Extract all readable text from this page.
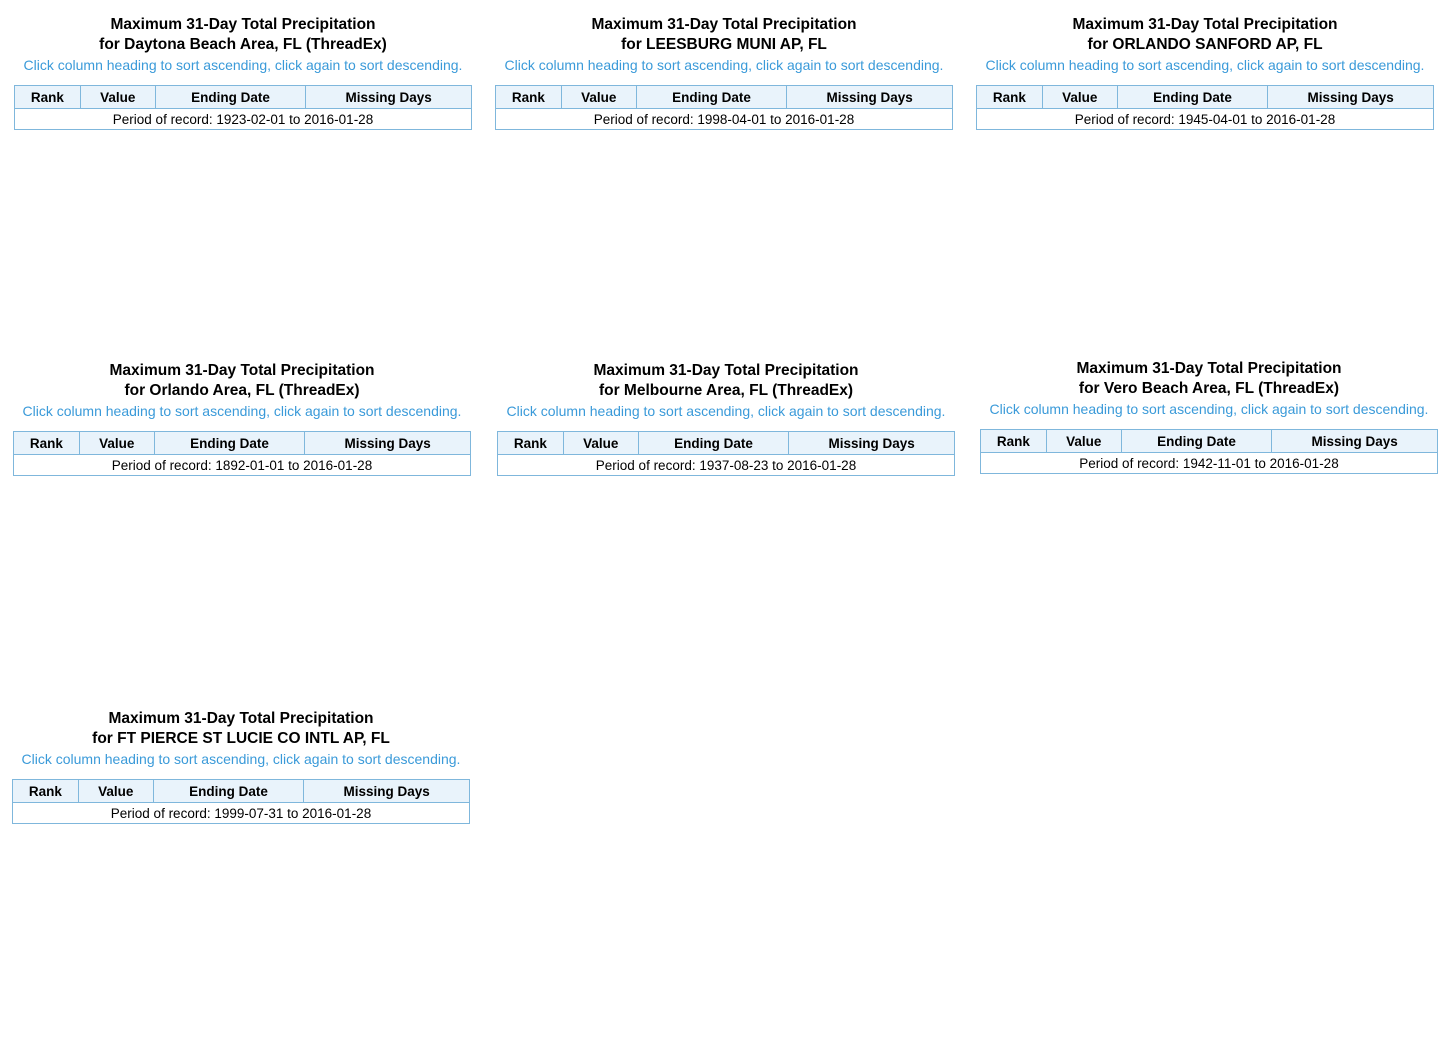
Maximum 31-Day Total Precipitation
for Daytona Beach Area, FL (ThreadEx)
Click column heading to sort ascending, click again to sort descending.
Rank	Value	Ending Date	Missing Days
Period of record: 1923-02-01 to 2016-01-28
Maximum 31-Day Total Precipitation
for LEESBURG MUNI AP, FL
Click column heading to sort ascending, click again to sort descending.
Rank	Value	Ending Date	Missing Days
Period of record: 1998-04-01 to 2016-01-28
Maximum 31-Day Total Precipitation
for ORLANDO SANFORD AP, FL
Click column heading to sort ascending, click again to sort descending.
Rank	Value	Ending Date	Missing Days
Period of record: 1945-04-01 to 2016-01-28
Maximum 31-Day Total Precipitation
for Orlando Area, FL (ThreadEx)
Click column heading to sort ascending, click again to sort descending.
Rank	Value	Ending Date	Missing Days
Period of record: 1892-01-01 to 2016-01-28
Maximum 31-Day Total Precipitation
for Melbourne Area, FL (ThreadEx)
Click column heading to sort ascending, click again to sort descending.
Rank	Value	Ending Date	Missing Days
Period of record: 1937-08-23 to 2016-01-28
Maximum 31-Day Total Precipitation
for Vero Beach Area, FL (ThreadEx)
Click column heading to sort ascending, click again to sort descending.
Rank	Value	Ending Date	Missing Days
Period of record: 1942-11-01 to 2016-01-28
Maximum 31-Day Total Precipitation
for FT PIERCE ST LUCIE CO INTL AP, FL
Click column heading to sort ascending, click again to sort descending.
Rank	Value	Ending Date	Missing Days
Period of record: 1999-07-31 to 2016-01-28
